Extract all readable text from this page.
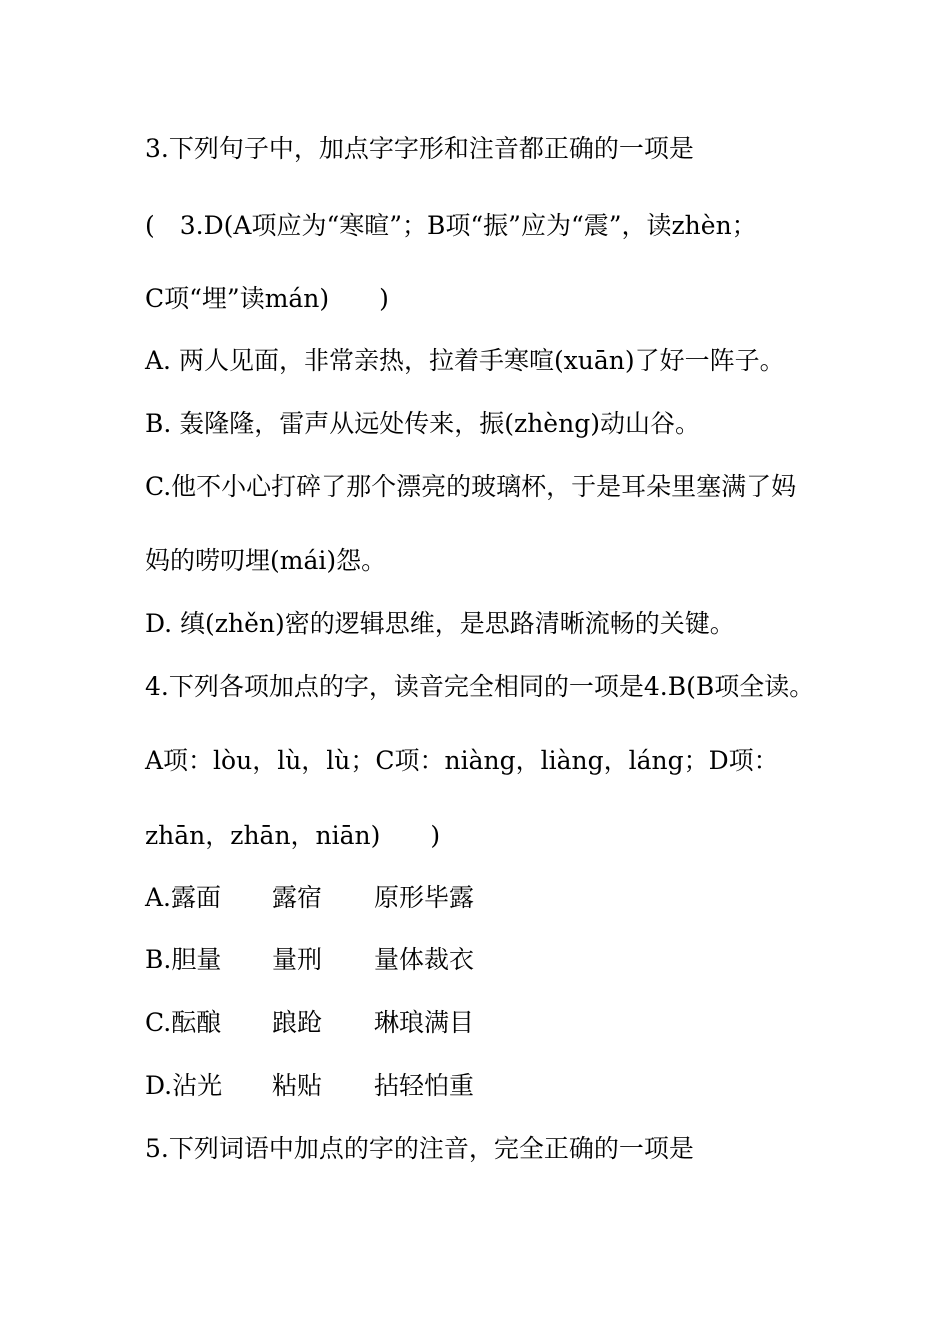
3.下列句子中，加点字字形和注音都正确的一项是
(　3.D(A项应为“寒暄”；B项“振”应为“震”，读zhèn；
C项“埋”读mán)　　)
A. 两人见面，非常亲热，拉着手寒喧(xuān)了好一阵子。
B. 轰隆隆，雷声从远处传来，振(zhèng)动山谷。
C.他不小心打碎了那个漂亮的玻璃杯，于是耳朵里塞满了妈
妈的唠叨埋(mái)怨。
D. 缜(zhěn)密的逻辑思维，是思路清晰流畅的关键。
4.下列各项加点的字，读音完全相同的一项是4.B(B项全读。
A项：lòu，lù，lù；C项：niàng，liàng，láng；D项：
zhān，zhān，niān)　　)
A.露面 露宿 原形毕露
B.胆量 量刑 量体裁衣
C.酝酿 踉跄 琳琅满目
D.沾光 粘贴 拈轻怕重
5.下列词语中加点的字的注音，完全正确的一项是
